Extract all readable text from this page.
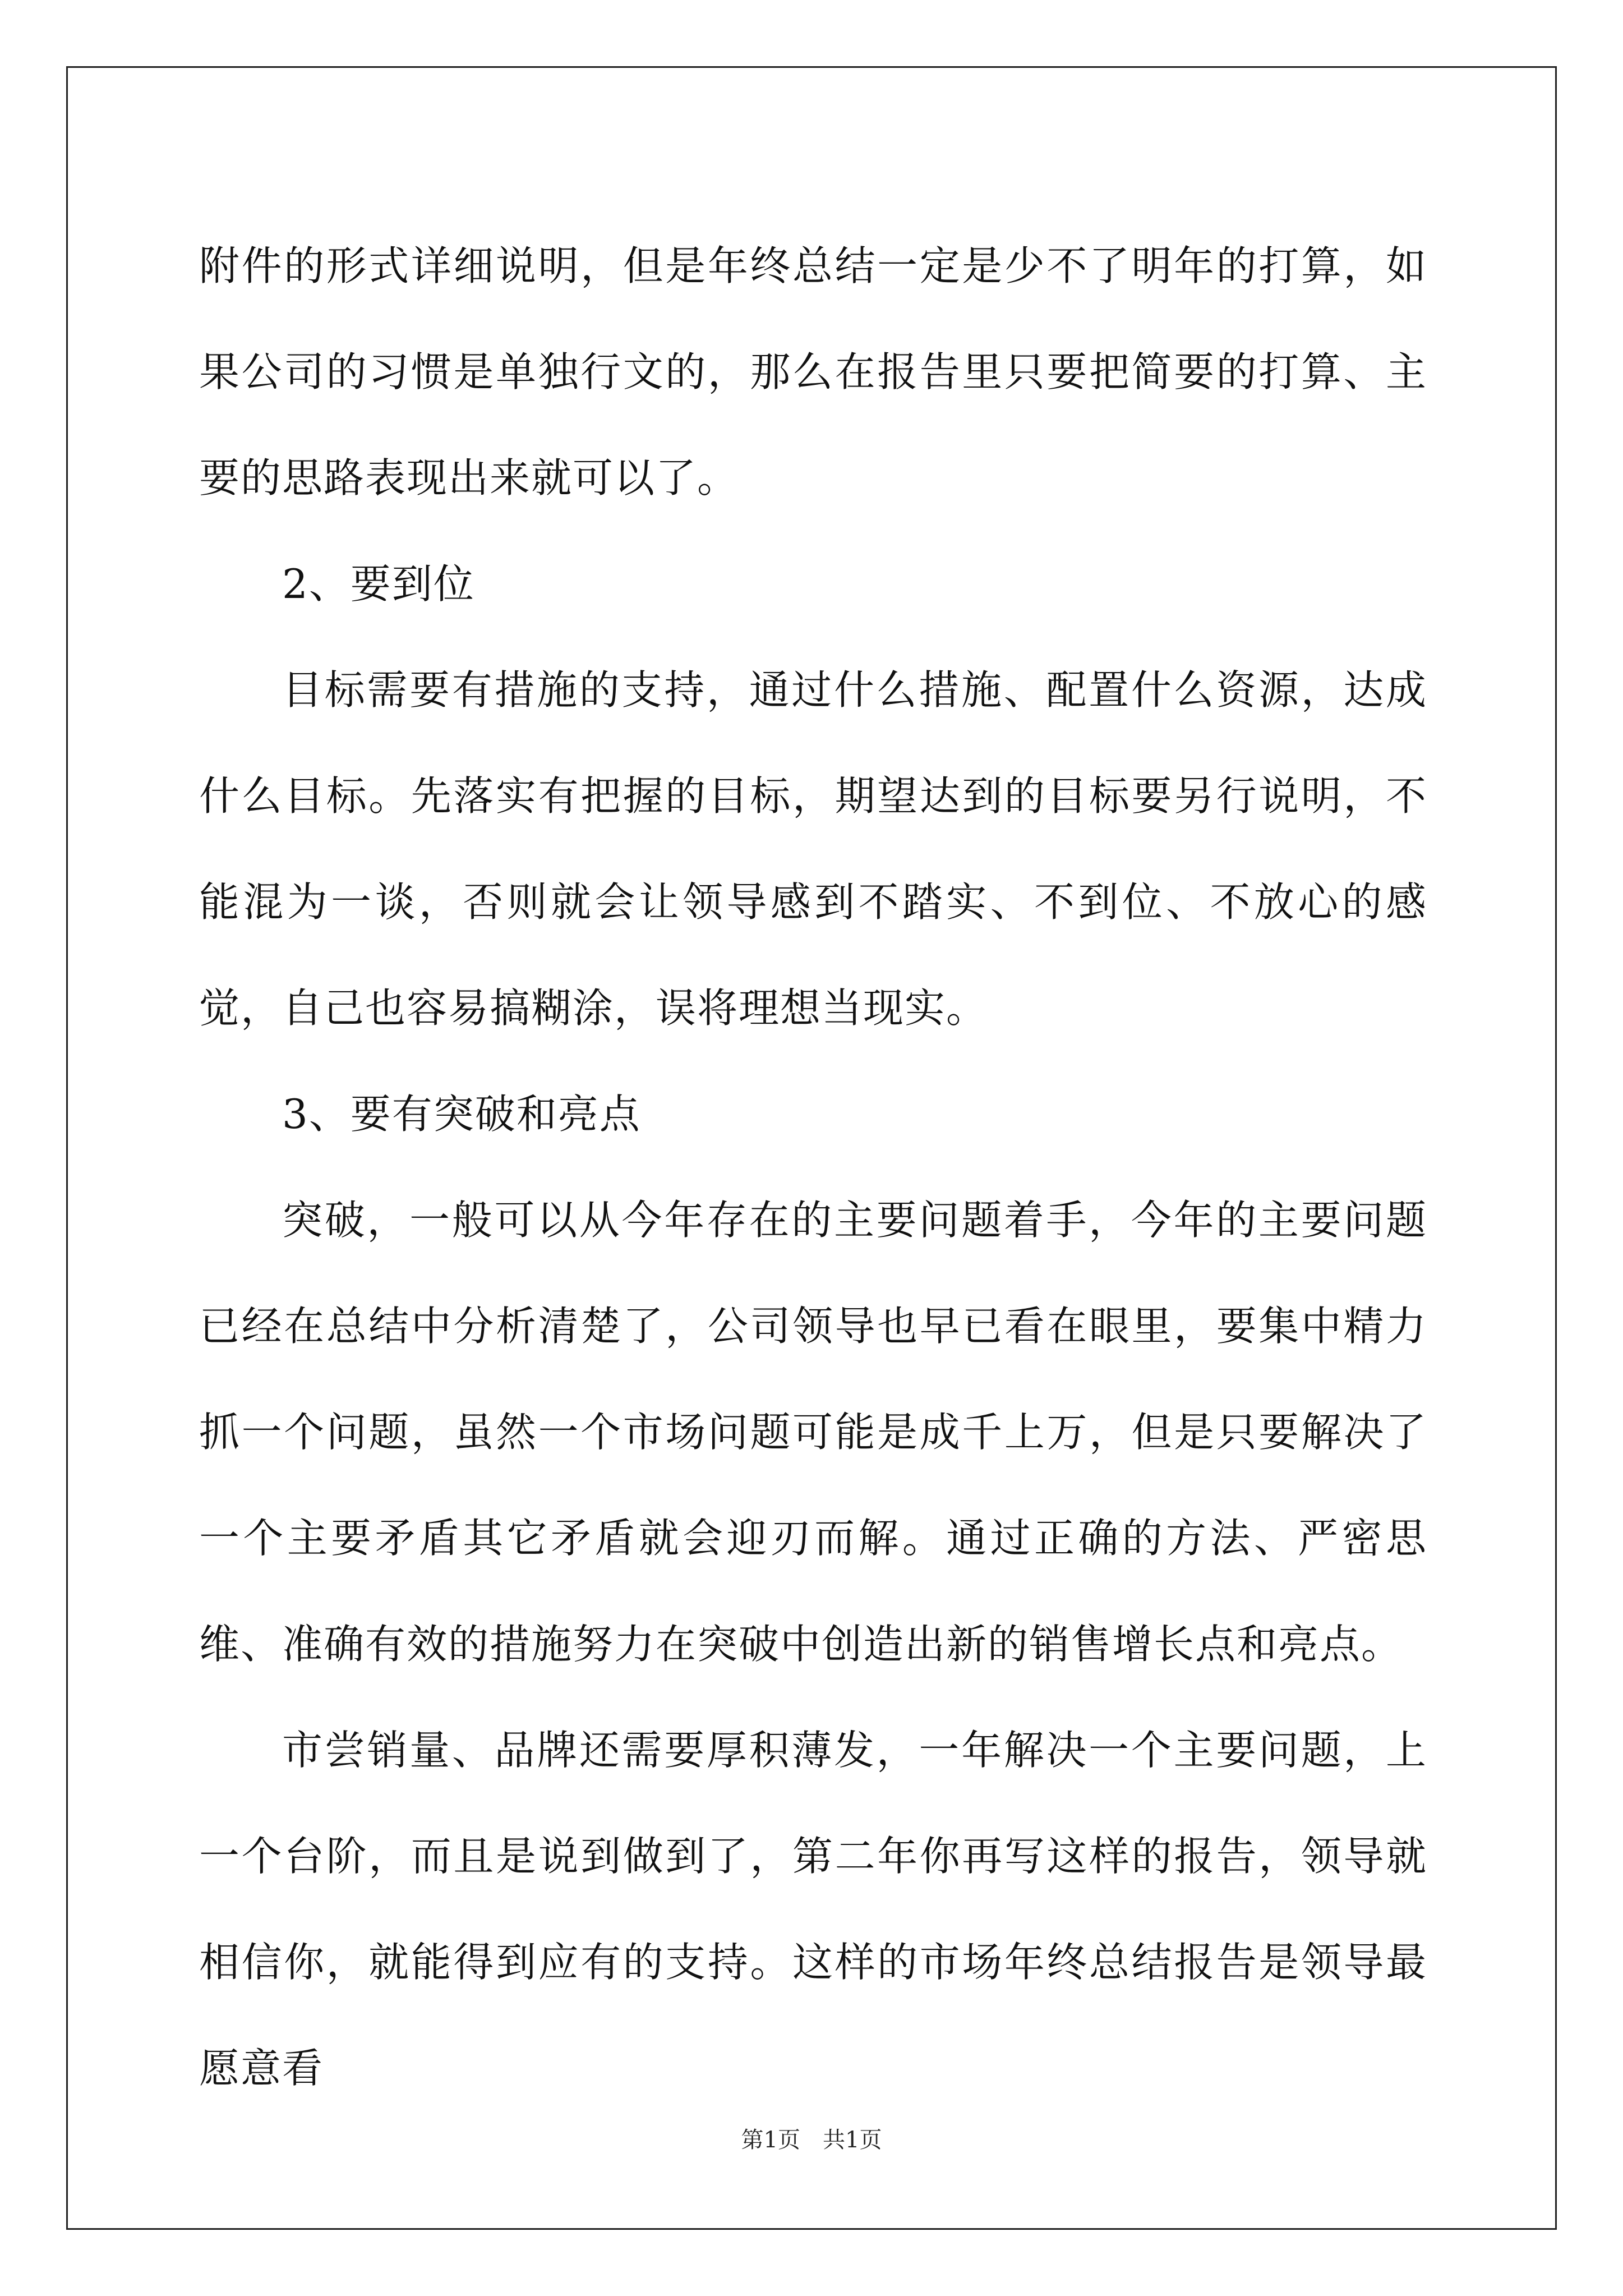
附件的形式详细说明，但是年终总结一定是少不了明年的打算，如果公司的习惯是单独行文的，那么在报告里只要把简要的打算、主要的思路表现出来就可以了。

2、要到位

目标需要有措施的支持，通过什么措施、配置什么资源，达成什么目标。先落实有把握的目标，期望达到的目标要另行说明，不能混为一谈，否则就会让领导感到不踏实、不到位、不放心的感觉，自己也容易搞糊涂，误将理想当现实。

3、要有突破和亮点

突破，一般可以从今年存在的主要问题着手，今年的主要问题已经在总结中分析清楚了，公司领导也早已看在眼里，要集中精力抓一个问题，虽然一个市场问题可能是成千上万，但是只要解决了一个主要矛盾其它矛盾就会迎刃而解。通过正确的方法、严密思维、准确有效的措施努力在突破中创造出新的销售增长点和亮点。

市尝销量、品牌还需要厚积薄发，一年解决一个主要问题，上一个台阶，而且是说到做到了，第二年你再写这样的报告，领导就相信你，就能得到应有的支持。这样的市场年终总结报告是领导最愿意看

第1页　共1页
